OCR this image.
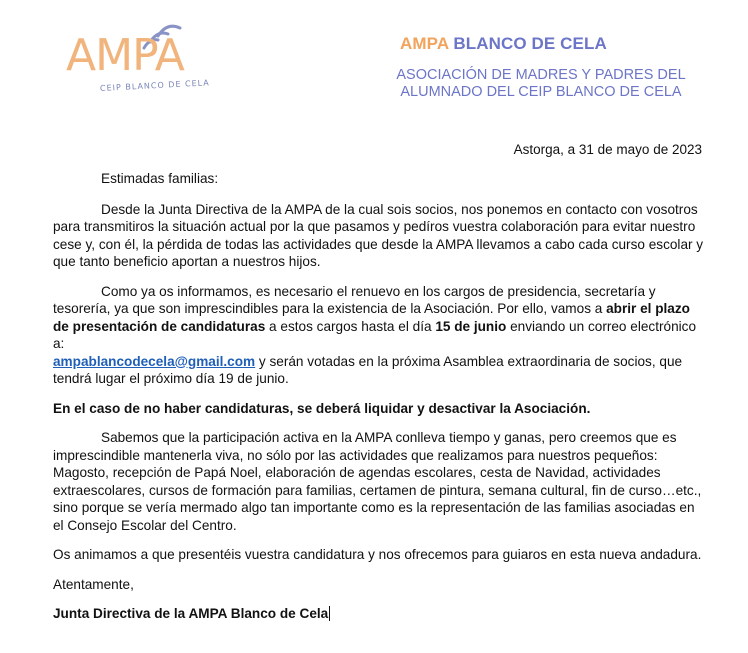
AMPA
CEIP BLANCO DE CELA
AMPA BLANCO DE CELA
ASOCIACIÓN DE MADRES Y PADRES DEL ALUMNADO DEL CEIP BLANCO DE CELA
Astorga, a 31 de mayo de 2023

Estimadas familias:

Desde la Junta Directiva de la AMPA de la cual sois socios, nos ponemos en contacto con vosotros para transmitiros la situación actual por la que pasamos y pedíros vuestra colaboración para evitar nuestro cese y, con él, la pérdida de todas las actividades que desde la AMPA llevamos a cabo cada curso escolar y que tanto beneficio aportan a nuestros hijos.

Como ya os informamos, es necesario el renuevo en los cargos de presidencia, secretaría y tesorería, ya que son imprescindibles para la existencia de la Asociación. Por ello, vamos a abrir el plazo de presentación de candidaturas a estos cargos hasta el día 15 de junio enviando un correo electrónico a:
ampablancodecela@gmail.com y serán votadas en la próxima Asamblea extraordinaria de socios, que tendrá lugar el próximo día 19 de junio.

En el caso de no haber candidaturas, se deberá liquidar y desactivar la Asociación.

Sabemos que la participación activa en la AMPA conlleva tiempo y ganas, pero creemos que es imprescindible mantenerla viva, no sólo por las actividades que realizamos para nuestros pequeños: Magosto, recepción de Papá Noel, elaboración de agendas escolares, cesta de Navidad, actividades extraescolares, cursos de formación para familias, certamen de pintura, semana cultural, fin de curso…etc., sino porque se vería mermado algo tan importante como es la representación de las familias asociadas en el Consejo Escolar del Centro.

Os animamos a que presentéis vuestra candidatura y nos ofrecemos para guiaros en esta nueva andadura.

Atentamente,

Junta Directiva de la AMPA Blanco de Cela
